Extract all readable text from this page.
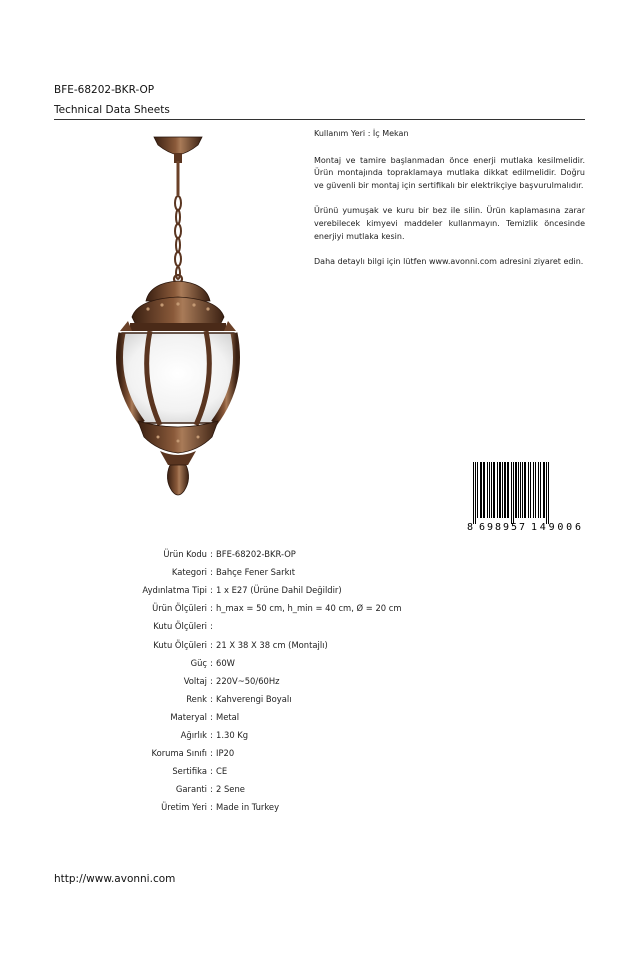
BFE-68202-BKR-OP
Technical Data Sheets

Kullanım Yeri : İç Mekan

Montaj ve tamire başlanmadan önce enerji mutlaka kesilmelidir. Ürün montajında topraklamaya mutlaka dikkat edilmelidir. Doğru ve güvenli bir montaj için sertifikalı bir elektrikçiye başvurulmalıdır.

Ürünü yumuşak ve kuru bir bez ile silin. Ürün kaplamasına zarar verebilecek kimyevi maddeler kullanmayın. Temizlik öncesinde enerjiyi mutlaka kesin.

Daha detaylı bilgi için lütfen www.avonni.com adresini ziyaret edin.

8 698957 149006
Ürün Kodu : BFE-68202-BKR-OP
Kategori : Bahçe Fener Sarkıt
Aydınlatma Tipi : 1 x E27 (Ürüne Dahil Değildir)
Ürün Ölçüleri : h_max = 50 cm, h_min = 40 cm, Ø = 20 cm
Kutu Ölçüleri :
Kutu Ölçüleri : 21 X 38 X 38 cm (Montajlı)
Güç : 60W
Voltaj : 220V~50/60Hz
Renk : Kahverengi Boyalı
Materyal : Metal
Ağırlık : 1.30 Kg
Koruma Sınıfı : IP20
Sertifika : CE
Garanti : 2 Sene
Üretim Yeri : Made in Turkey
http://www.avonni.com
